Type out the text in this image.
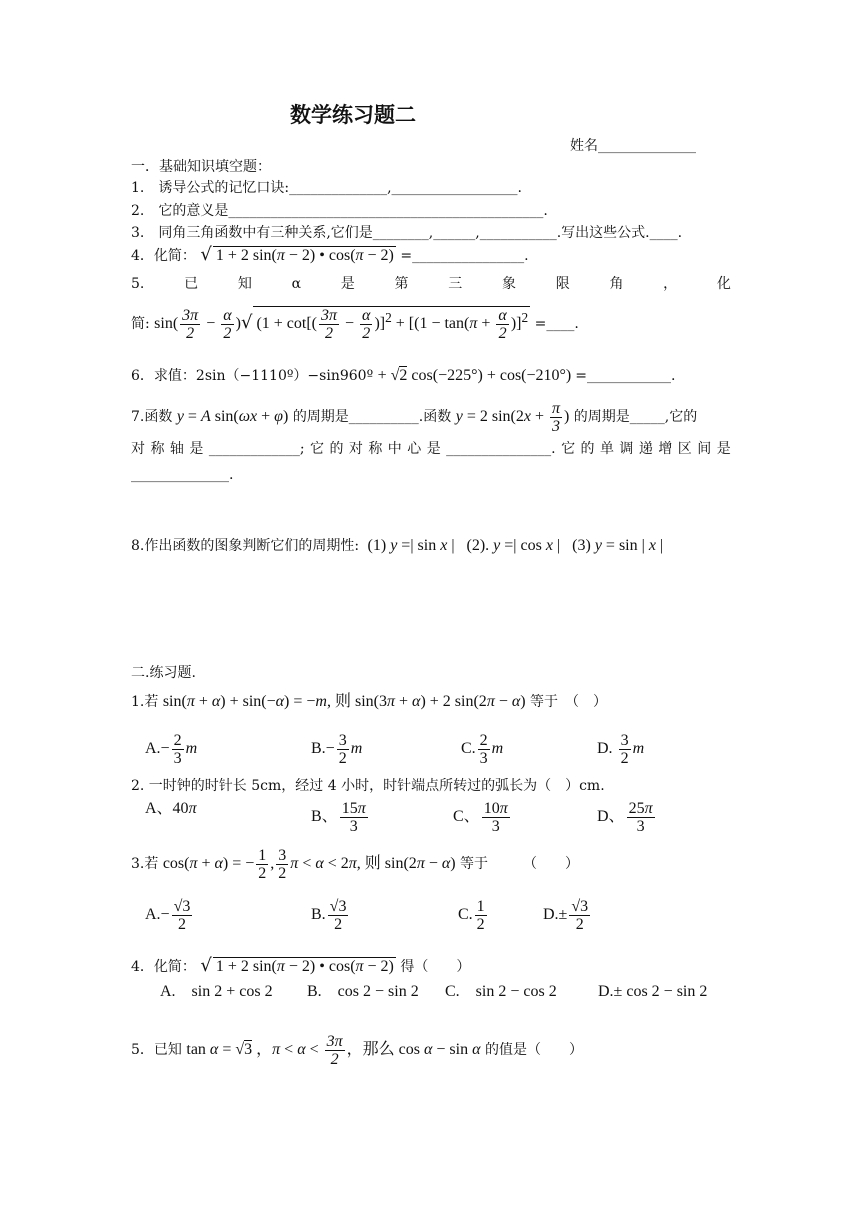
数学练习题二
姓名______________
一．基础知识填空题：
1.　诱导公式的记忆口诀:______________,__________________.
2.　它的意义是_____________________________________________.
3.　同角三角函数中有三种关系,它们是________,______,___________.写出这些公式.____.
4．化简： √ 1 + 2 sin(π − 2) • cos(π − 2) =________________.
5.	已	知	α	是	第	三	象	限	角	，	化
简: $\sin( \frac{3\pi}{2} - \frac{\alpha}{2}$ )√ ($1 + \cot[( \frac{3\pi}{2} - \frac{\alpha}{2} )]^2 + [(1 - \tan(\pi + \frac{\alpha}{2} )]^2$ =____.
6．求值：2sin（−1110º）−sin960º + √2 cos(−225°) + cos(−210°) =____________.
7.函数 y = A sin(ωx + φ) 的周期是__________.函数 y = 2 $\sin(2x + \frac{\pi}{3}$ ) 的周期是_____,它的
对 称 轴 是 _____________; 它 的 对 称 中 心 是 _______________. 它 的 单 调 递 增 区 间 是
______________.
8.作出函数的图象判断它们的周期性:  (1) y =| sin x |   (2). y =| cos x |   (3) y = sin | x |
二.练习题.
1.若 sin(π + α) + sin(−α) = −m, 则 sin(3π + α) + 2 sin(2π − α) 等于　（　）
$A.- \frac{2}{3}$ m	$B.- \frac{3}{2}$ m	C. $\frac{2}{3}$ m	D. $\frac{3}{2}$ m
2. 一时钟的时针长 5cm，经过 4 小时，时针端点所转过的弧长为（　）cm.
A、40π	B、 $\frac{15\pi}{3}$	C、 $\frac{10\pi}{3}$	D、 $\frac{25\pi}{3}$
3.若 cos(π + α) = − $\frac{1}{2}$ , $\frac{3}{2}$ π < α < 2π, 则 sin(2π − α) 等于　　　（　　）
$A.- \frac{√3}{2}$	B. $\frac{√3}{2}$	C. $\frac{1}{2}$	$D.\pm \frac{√3}{2}$
4．化简： √ 1 + 2 sin(π − 2) • cos(π − 2) 得（　　）
A.　sin 2 + cos 2 B.　cos 2 − sin 2 C.　sin 2 − cos 2	D.± cos 2 − sin 2
5．已知 tan α = √3 ，$\pi < \alpha < \frac{3\pi}{2}$ ，那么 cos α − sin α 的值是（　　）
